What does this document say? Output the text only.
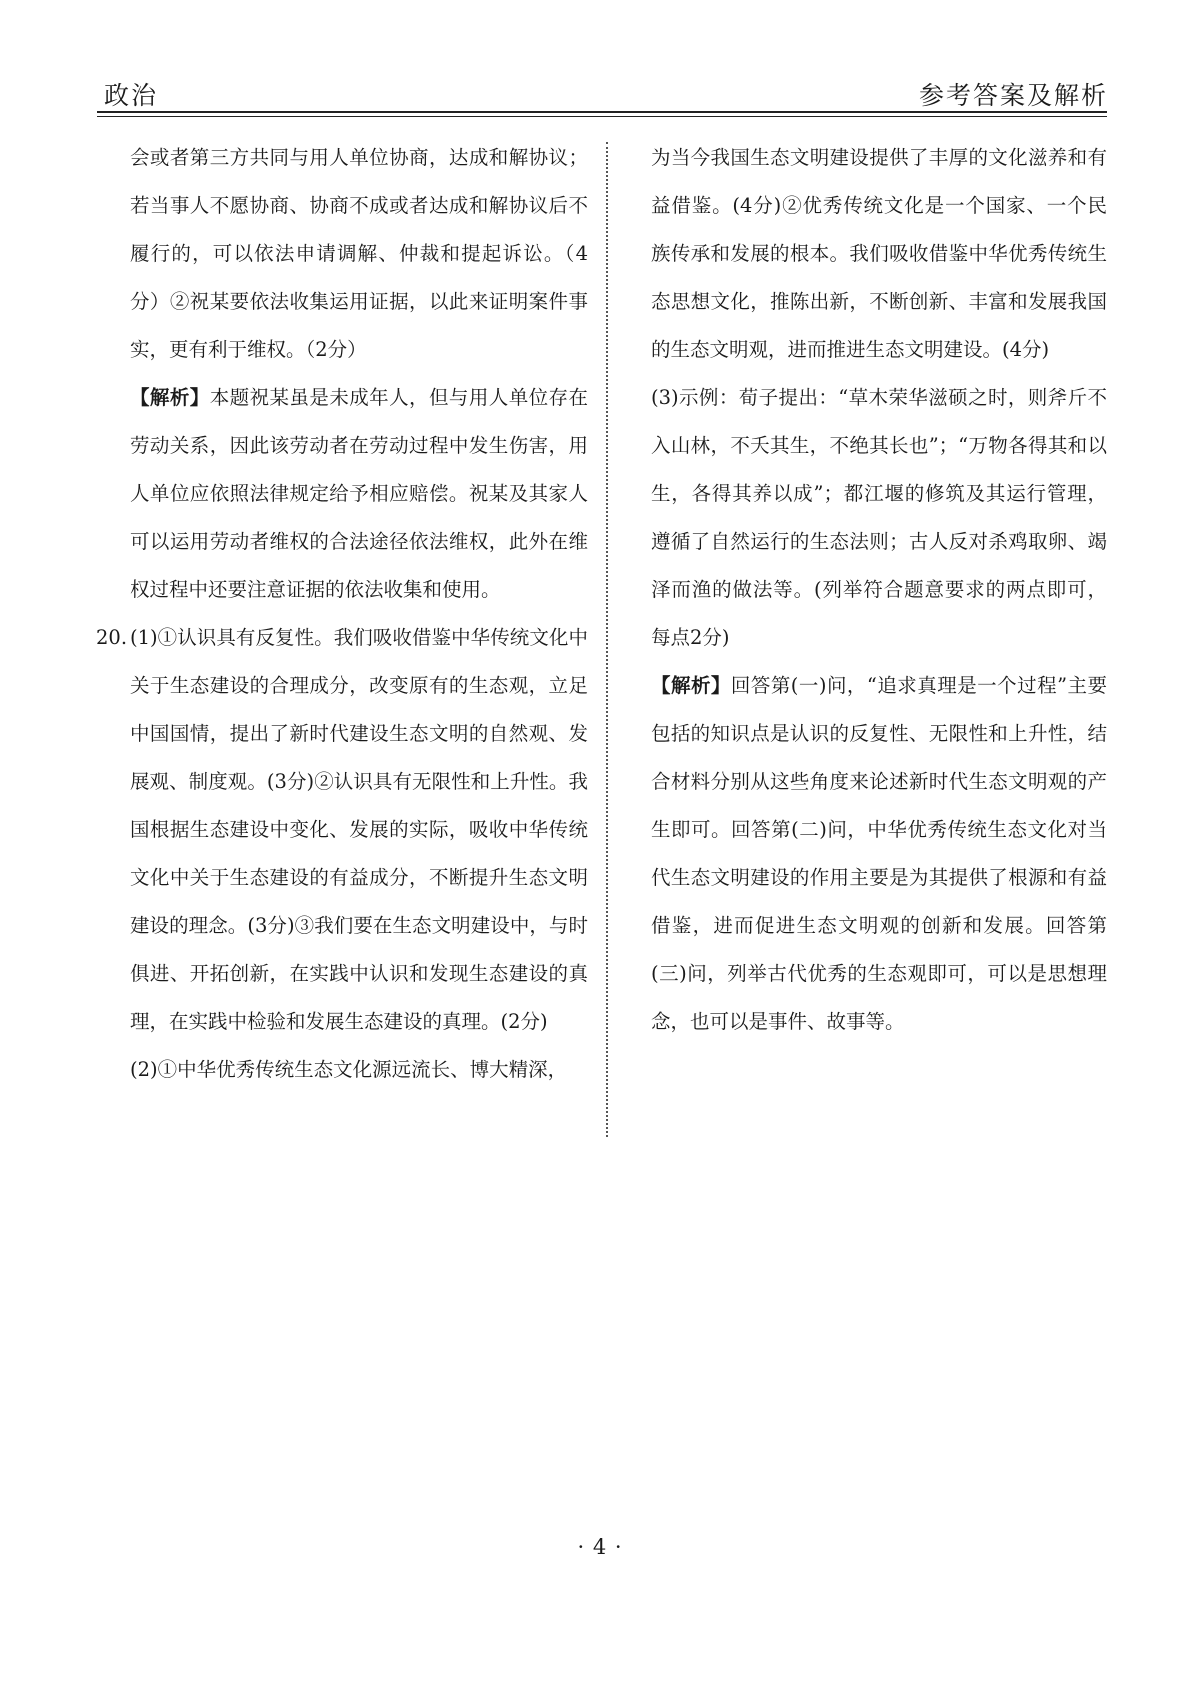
政治	参考答案及解析

会或者第三方共同与用人单位协商，达成和解协议；若当事人不愿协商、协商不成或者达成和解协议后不履行的，可以依法申请调解、仲裁和提起诉讼。（4分）②祝某要依法收集运用证据，以此来证明案件事实，更有利于维权。（2分）

【解析】本题祝某虽是未成年人，但与用人单位存在劳动关系，因此该劳动者在劳动过程中发生伤害，用人单位应依照法律规定给予相应赔偿。祝某及其家人可以运用劳动者维权的合法途径依法维权，此外在维权过程中还要注意证据的依法收集和使用。

20. (1)①认识具有反复性。我们吸收借鉴中华传统文化中关于生态建设的合理成分，改变原有的生态观，立足中国国情，提出了新时代建设生态文明的自然观、发展观、制度观。(3分)②认识具有无限性和上升性。我国根据生态建设中变化、发展的实际，吸收中华传统文化中关于生态建设的有益成分，不断提升生态文明建设的理念。(3分)③我们要在生态文明建设中，与时俱进、开拓创新，在实践中认识和发现生态建设的真理，在实践中检验和发展生态建设的真理。(2分)

(2)①中华优秀传统生态文化源远流长、博大精深，

为当今我国生态文明建设提供了丰厚的文化滋养和有益借鉴。(4分)②优秀传统文化是一个国家、一个民族传承和发展的根本。我们吸收借鉴中华优秀传统生态思想文化，推陈出新，不断创新、丰富和发展我国的生态文明观，进而推进生态文明建设。(4分)

(3)示例：荀子提出：“草木荣华滋硕之时，则斧斤不入山林，不夭其生，不绝其长也”；“万物各得其和以生，各得其养以成”；都江堰的修筑及其运行管理，遵循了自然运行的生态法则；古人反对杀鸡取卵、竭泽而渔的做法等。(列举符合题意要求的两点即可，每点2分)

【解析】回答第(一)问，“追求真理是一个过程”主要包括的知识点是认识的反复性、无限性和上升性，结合材料分别从这些角度来论述新时代生态文明观的产生即可。回答第(二)问，中华优秀传统生态文化对当代生态文明建设的作用主要是为其提供了根源和有益借鉴，进而促进生态文明观的创新和发展。回答第(三)问，列举古代优秀的生态观即可，可以是思想理念，也可以是事件、故事等。

· 4 ·
